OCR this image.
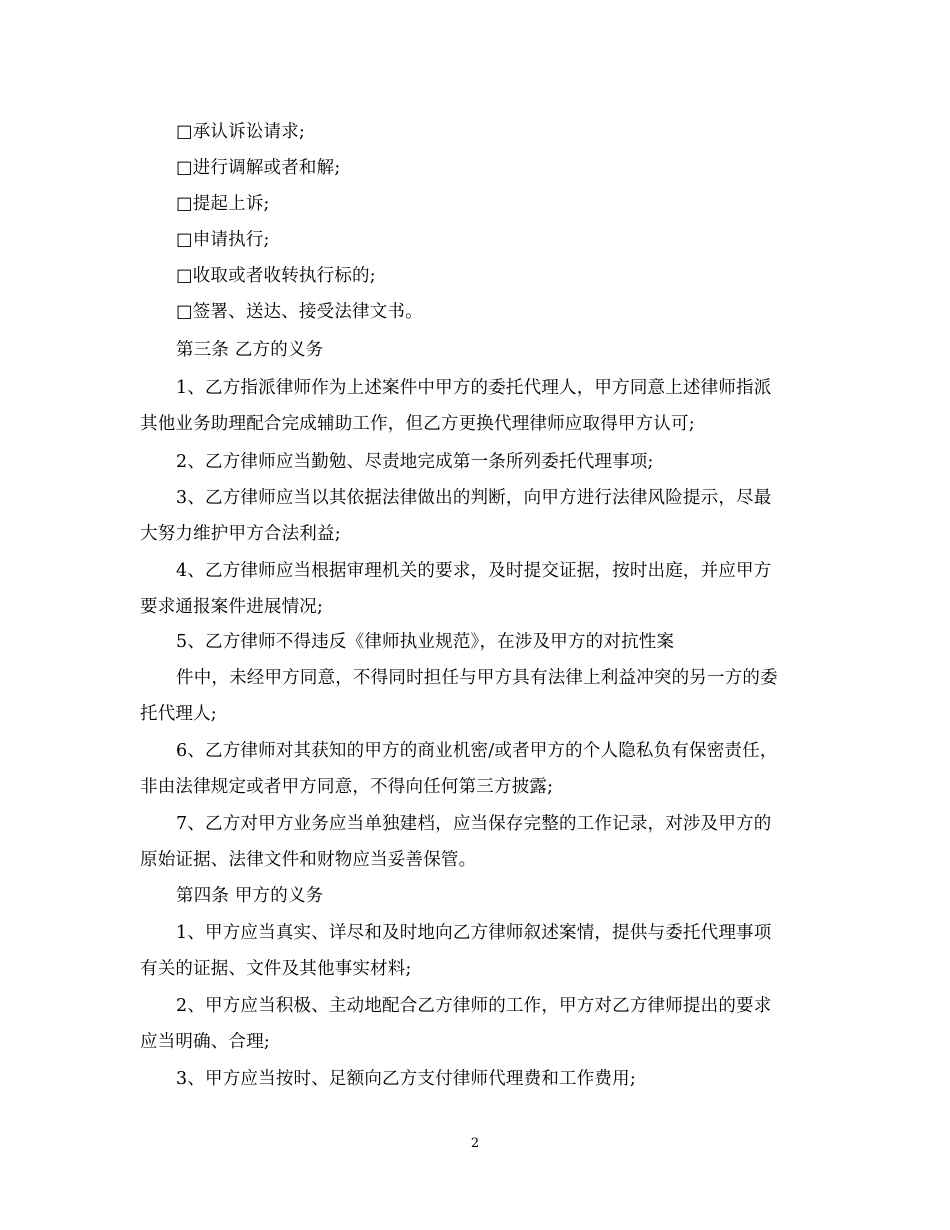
□承认诉讼请求;
□进行调解或者和解;
□提起上诉;
□申请执行;
□收取或者收转执行标的;
□签署、送达、接受法律文书。
第三条 乙方的义务
1、乙方指派律师作为上述案件中甲方的委托代理人，甲方同意上述律师指派
其他业务助理配合完成辅助工作，但乙方更换代理律师应取得甲方认可;
2、乙方律师应当勤勉、尽责地完成第一条所列委托代理事项;
3、乙方律师应当以其依据法律做出的判断，向甲方进行法律风险提示，尽最
大努力维护甲方合法利益;
4、乙方律师应当根据审理机关的要求，及时提交证据，按时出庭，并应甲方
要求通报案件进展情况;
5、乙方律师不得违反《律师执业规范》，在涉及甲方的对抗性案
件中，未经甲方同意，不得同时担任与甲方具有法律上利益冲突的另一方的委
托代理人;
6、乙方律师对其获知的甲方的商业机密/或者甲方的个人隐私负有保密责任，
非由法律规定或者甲方同意，不得向任何第三方披露;
7、乙方对甲方业务应当单独建档，应当保存完整的工作记录，对涉及甲方的
原始证据、法律文件和财物应当妥善保管。
第四条 甲方的义务
1、甲方应当真实、详尽和及时地向乙方律师叙述案情，提供与委托代理事项
有关的证据、文件及其他事实材料;
2、甲方应当积极、主动地配合乙方律师的工作，甲方对乙方律师提出的要求
应当明确、合理;
3、甲方应当按时、足额向乙方支付律师代理费和工作费用;
2
